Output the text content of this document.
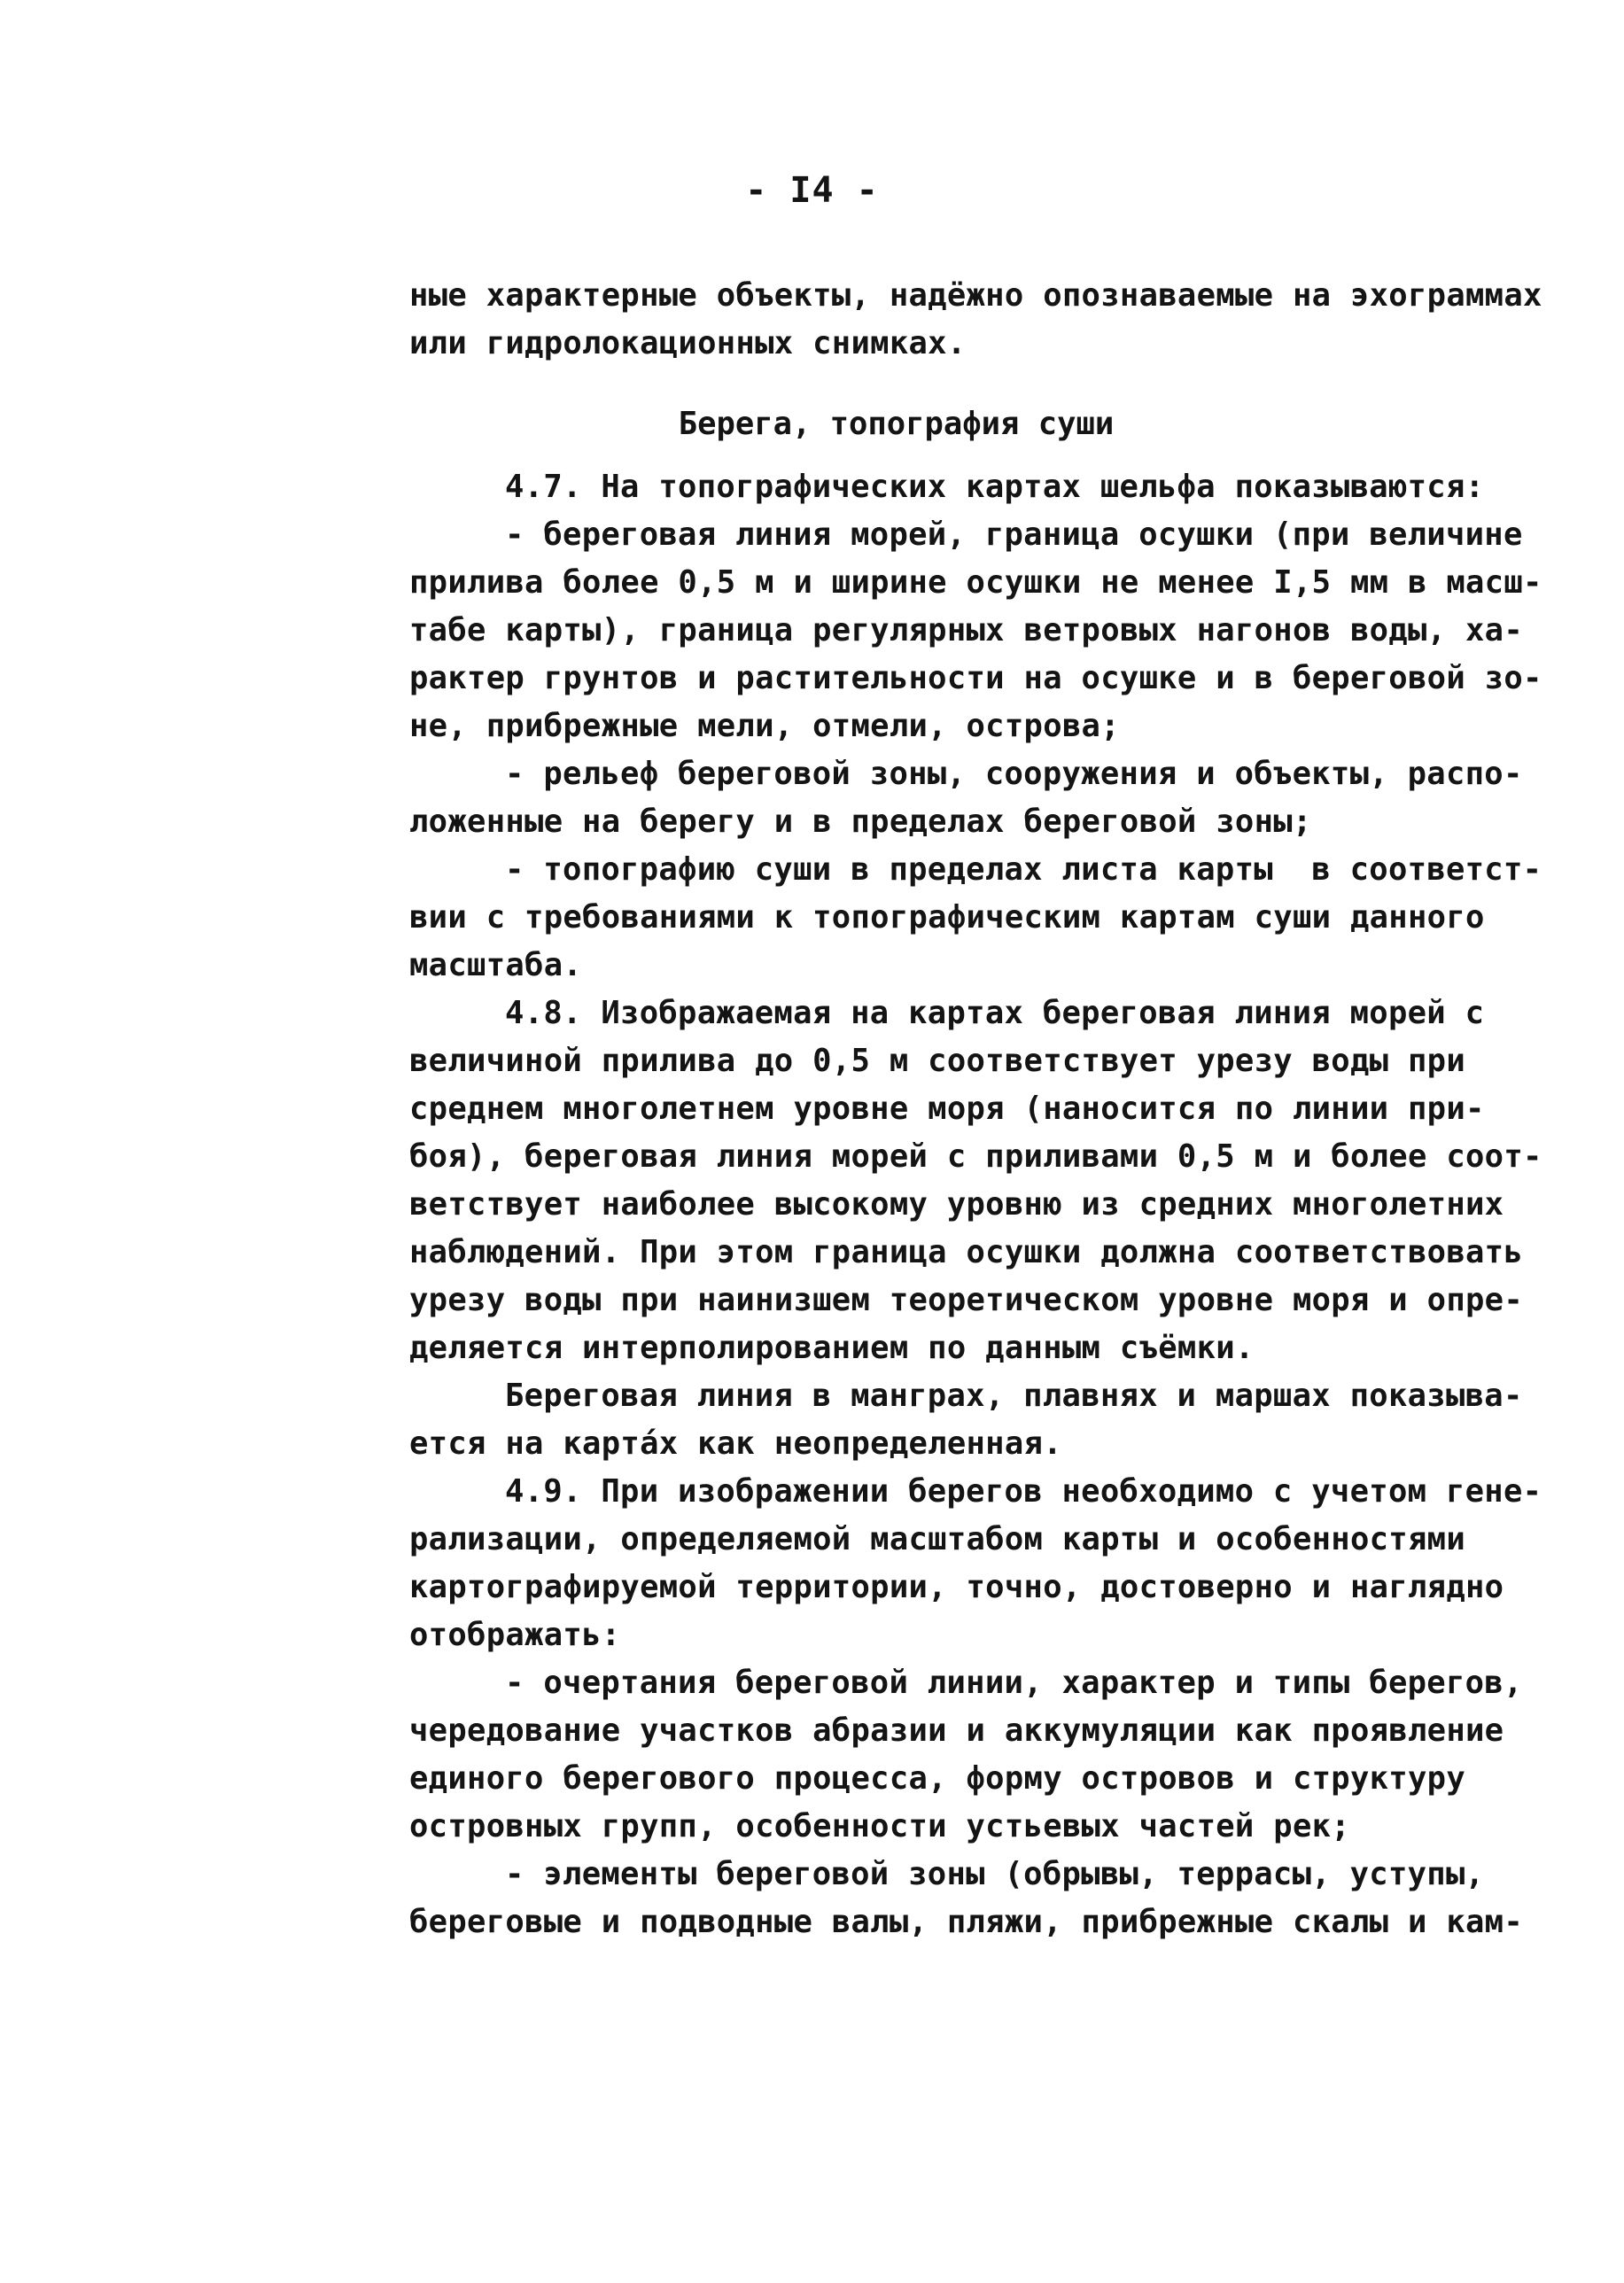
- I4 -
ные характерные объекты, надёжно опознаваемые на эхограммах
или гидролокационных снимках.
Берега, топография суши
4.7. На топографических картах шельфа показываются:
- береговая линия морей, граница осушки (при величине
прилива более 0,5 м и ширине осушки не менее I,5 мм в масш-
табе карты), граница регулярных ветровых нагонов воды, ха-
рактер грунтов и растительности на осушке и в береговой зо-
не, прибрежные мели, отмели, острова;
- рельеф береговой зоны, сооружения и объекты, распо-
ложенные на берегу и в пределах береговой зоны;
- топографию суши в пределах листа карты  в соответст-
вии с требованиями к топографическим картам суши данного
масштаба.
4.8. Изображаемая на картах береговая линия морей с
величиной прилива до 0,5 м соответствует урезу воды при
среднем многолетнем уровне моря (наносится по линии при-
боя), береговая линия морей с приливами 0,5 м и более соот-
ветствует наиболее высокому уровню из средних многолетних
наблюдений. При этом граница осушки должна соответствовать
урезу воды при наинизшем теоретическом уровне моря и опре-
деляется интерполированием по данным съёмки.
Береговая линия в мангрaх, плавнях и маршах показыва-
ется на картáх как неопределенная.
4.9. При изображении берегов необходимо с учетом гене-
рализации, определяемой масштабом карты и особенностями
картографируемой территории, точно, достоверно и наглядно
отображать:
- очертания береговой линии, характер и типы берегов,
чередование участков абразии и аккумуляции как проявление
единого берегового процесса, форму островов и структуру
островных групп, особенности устьевых частей рек;
- элементы береговой зоны (обрывы, террасы, уступы,
береговые и подводные валы, пляжи, прибрежные скалы и кам-
